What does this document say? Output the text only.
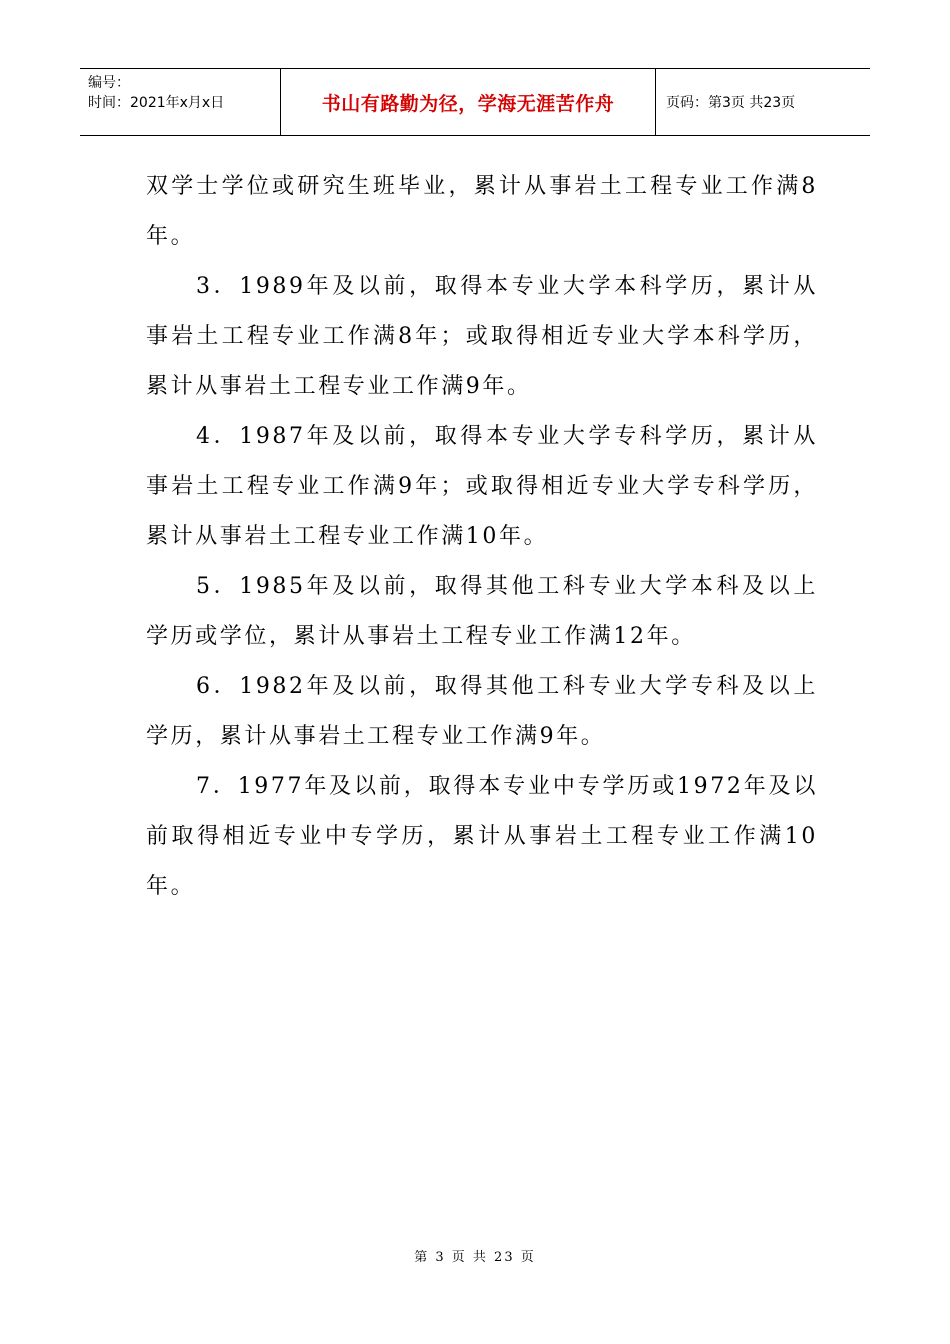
编号：
时间：2021年x月x日	书山有路勤为径，学海无涯苦作舟	页码：第3页 共23页

双学士学位或研究生班毕业，累计从事岩土工程专业工作满8年。

3．1989年及以前，取得本专业大学本科学历，累计从事岩土工程专业工作满8年；或取得相近专业大学本科学历，累计从事岩土工程专业工作满9年。

4．1987年及以前，取得本专业大学专科学历，累计从事岩土工程专业工作满9年；或取得相近专业大学专科学历，累计从事岩土工程专业工作满10年。

5．1985年及以前，取得其他工科专业大学本科及以上学历或学位，累计从事岩土工程专业工作满12年。

6．1982年及以前，取得其他工科专业大学专科及以上学历，累计从事岩土工程专业工作满9年。

7．1977年及以前，取得本专业中专学历或1972年及以前取得相近专业中专学历，累计从事岩土工程专业工作满10年。

第 3 页 共 23 页
